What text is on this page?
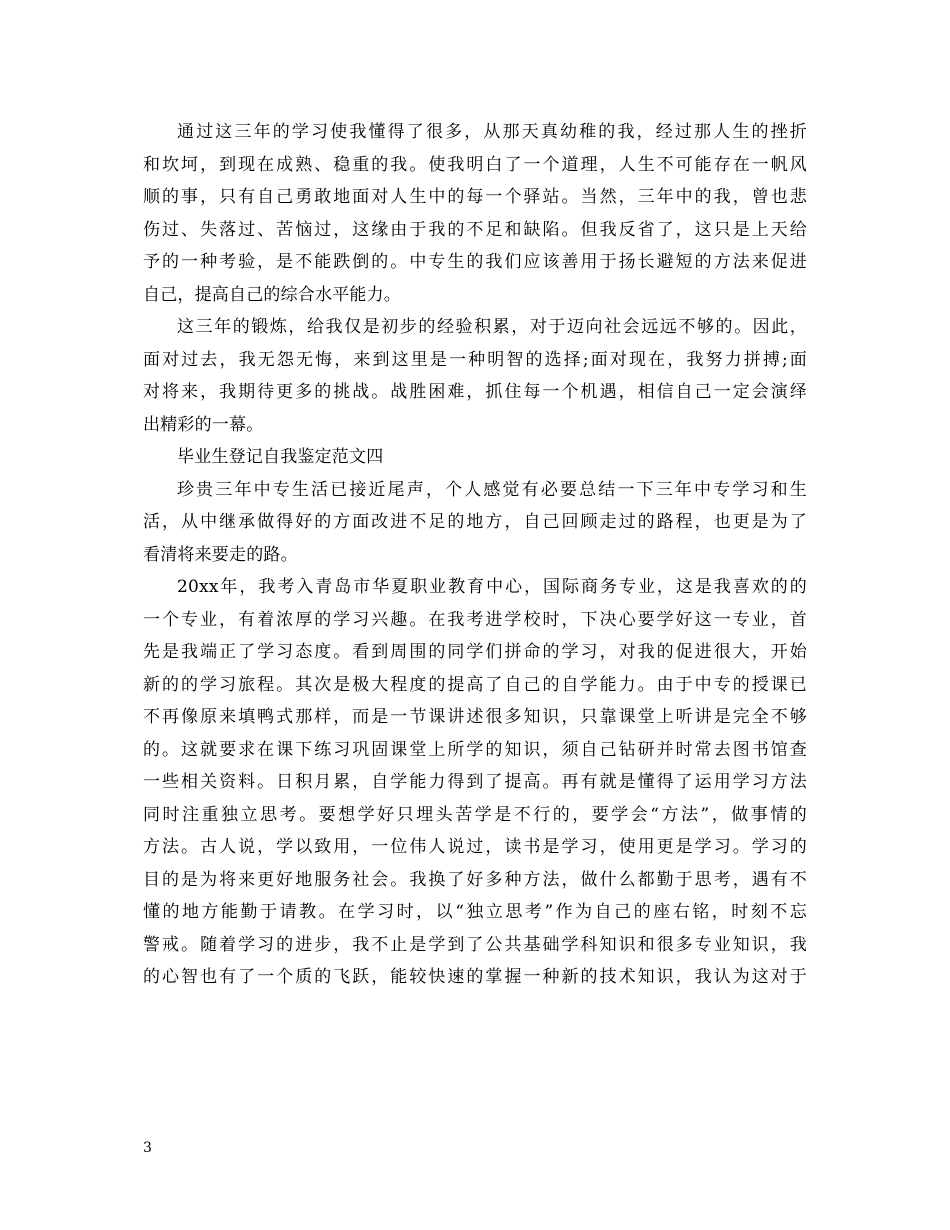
通过这三年的学习使我懂得了很多，从那天真幼稚的我，经过那人生的挫折
和坎坷，到现在成熟、稳重的我。使我明白了一个道理，人生不可能存在一帆风
顺的事，只有自己勇敢地面对人生中的每一个驿站。当然，三年中的我，曾也悲
伤过、失落过、苦恼过，这缘由于我的不足和缺陷。但我反省了，这只是上天给
予的一种考验，是不能跌倒的。中专生的我们应该善用于扬长避短的方法来促进
自己，提高自己的综合水平能力。
这三年的锻炼，给我仅是初步的经验积累，对于迈向社会远远不够的。因此，
面对过去，我无怨无悔，来到这里是一种明智的选择;面对现在，我努力拼搏;面
对将来，我期待更多的挑战。战胜困难，抓住每一个机遇，相信自己一定会演绎
出精彩的一幕。
毕业生登记自我鉴定范文四
珍贵三年中专生活已接近尾声，个人感觉有必要总结一下三年中专学习和生
活，从中继承做得好的方面改进不足的地方，自己回顾走过的路程，也更是为了
看清将来要走的路。
20xx年，我考入青岛市华夏职业教育中心，国际商务专业，这是我喜欢的的
一个专业，有着浓厚的学习兴趣。在我考进学校时，下决心要学好这一专业，首
先是我端正了学习态度。看到周围的同学们拼命的学习，对我的促进很大，开始
新的的学习旅程。其次是极大程度的提高了自己的自学能力。由于中专的授课已
不再像原来填鸭式那样，而是一节课讲述很多知识，只靠课堂上听讲是完全不够
的。这就要求在课下练习巩固课堂上所学的知识，须自己钻研并时常去图书馆查
一些相关资料。日积月累，自学能力得到了提高。再有就是懂得了运用学习方法
同时注重独立思考。要想学好只埋头苦学是不行的，要学会“方法”，做事情的
方法。古人说，学以致用，一位伟人说过，读书是学习，使用更是学习。学习的
目的是为将来更好地服务社会。我换了好多种方法，做什么都勤于思考，遇有不
懂的地方能勤于请教。在学习时，以“独立思考”作为自己的座右铭，时刻不忘
警戒。随着学习的进步，我不止是学到了公共基础学科知识和很多专业知识，我
的心智也有了一个质的飞跃，能较快速的掌握一种新的技术知识，我认为这对于
3
